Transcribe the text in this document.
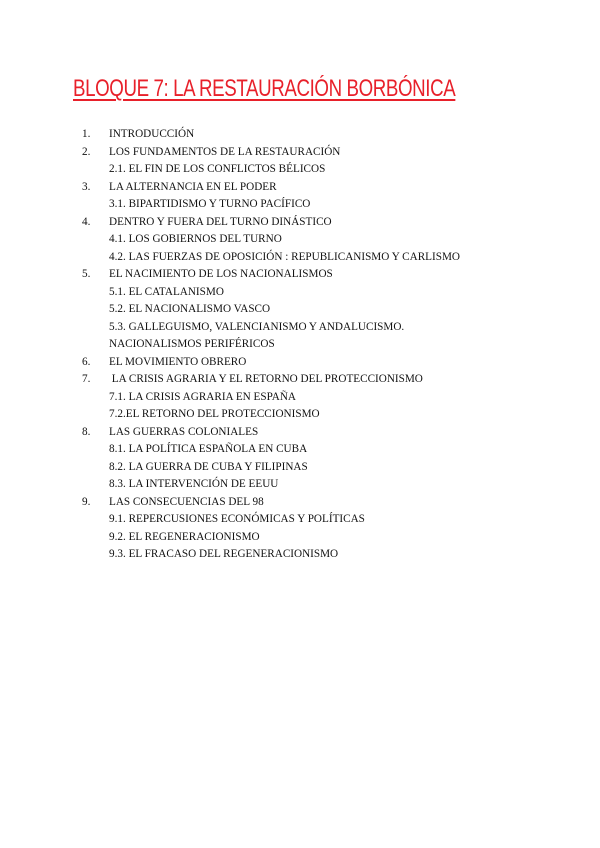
BLOQUE 7: LA RESTAURACIÓN BORBÓNICA
1.	INTRODUCCIÓN
2.	LOS FUNDAMENTOS DE LA RESTAURACIÓN
2.1. EL FIN DE LOS CONFLICTOS BÉLICOS
3.	LA ALTERNANCIA EN EL PODER
3.1. BIPARTIDISMO Y TURNO PACÍFICO
4.	DENTRO Y FUERA DEL TURNO DINÁSTICO
4.1. LOS GOBIERNOS DEL TURNO
4.2. LAS FUERZAS DE OPOSICIÓN : REPUBLICANISMO Y CARLISMO
5.	EL NACIMIENTO DE LOS NACIONALISMOS
5.1. EL CATALANISMO
5.2. EL NACIONALISMO VASCO
5.3. GALLEGUISMO, VALENCIANISMO Y ANDALUCISMO.
NACIONALISMOS PERIFÉRICOS
6.	EL MOVIMIENTO OBRERO
7.	LA CRISIS AGRARIA Y EL RETORNO DEL PROTECCIONISMO
7.1. LA CRISIS AGRARIA EN ESPAÑA
7.2.EL RETORNO DEL PROTECCIONISMO
8.	LAS GUERRAS COLONIALES
8.1. LA POLÍTICA ESPAÑOLA EN CUBA
8.2. LA GUERRA DE CUBA Y FILIPINAS
8.3. LA INTERVENCIÓN DE EEUU
9.	LAS CONSECUENCIAS DEL 98
9.1. REPERCUSIONES ECONÓMICAS Y POLÍTICAS
9.2. EL REGENERACIONISMO
9.3. EL FRACASO DEL REGENERACIONISMO
